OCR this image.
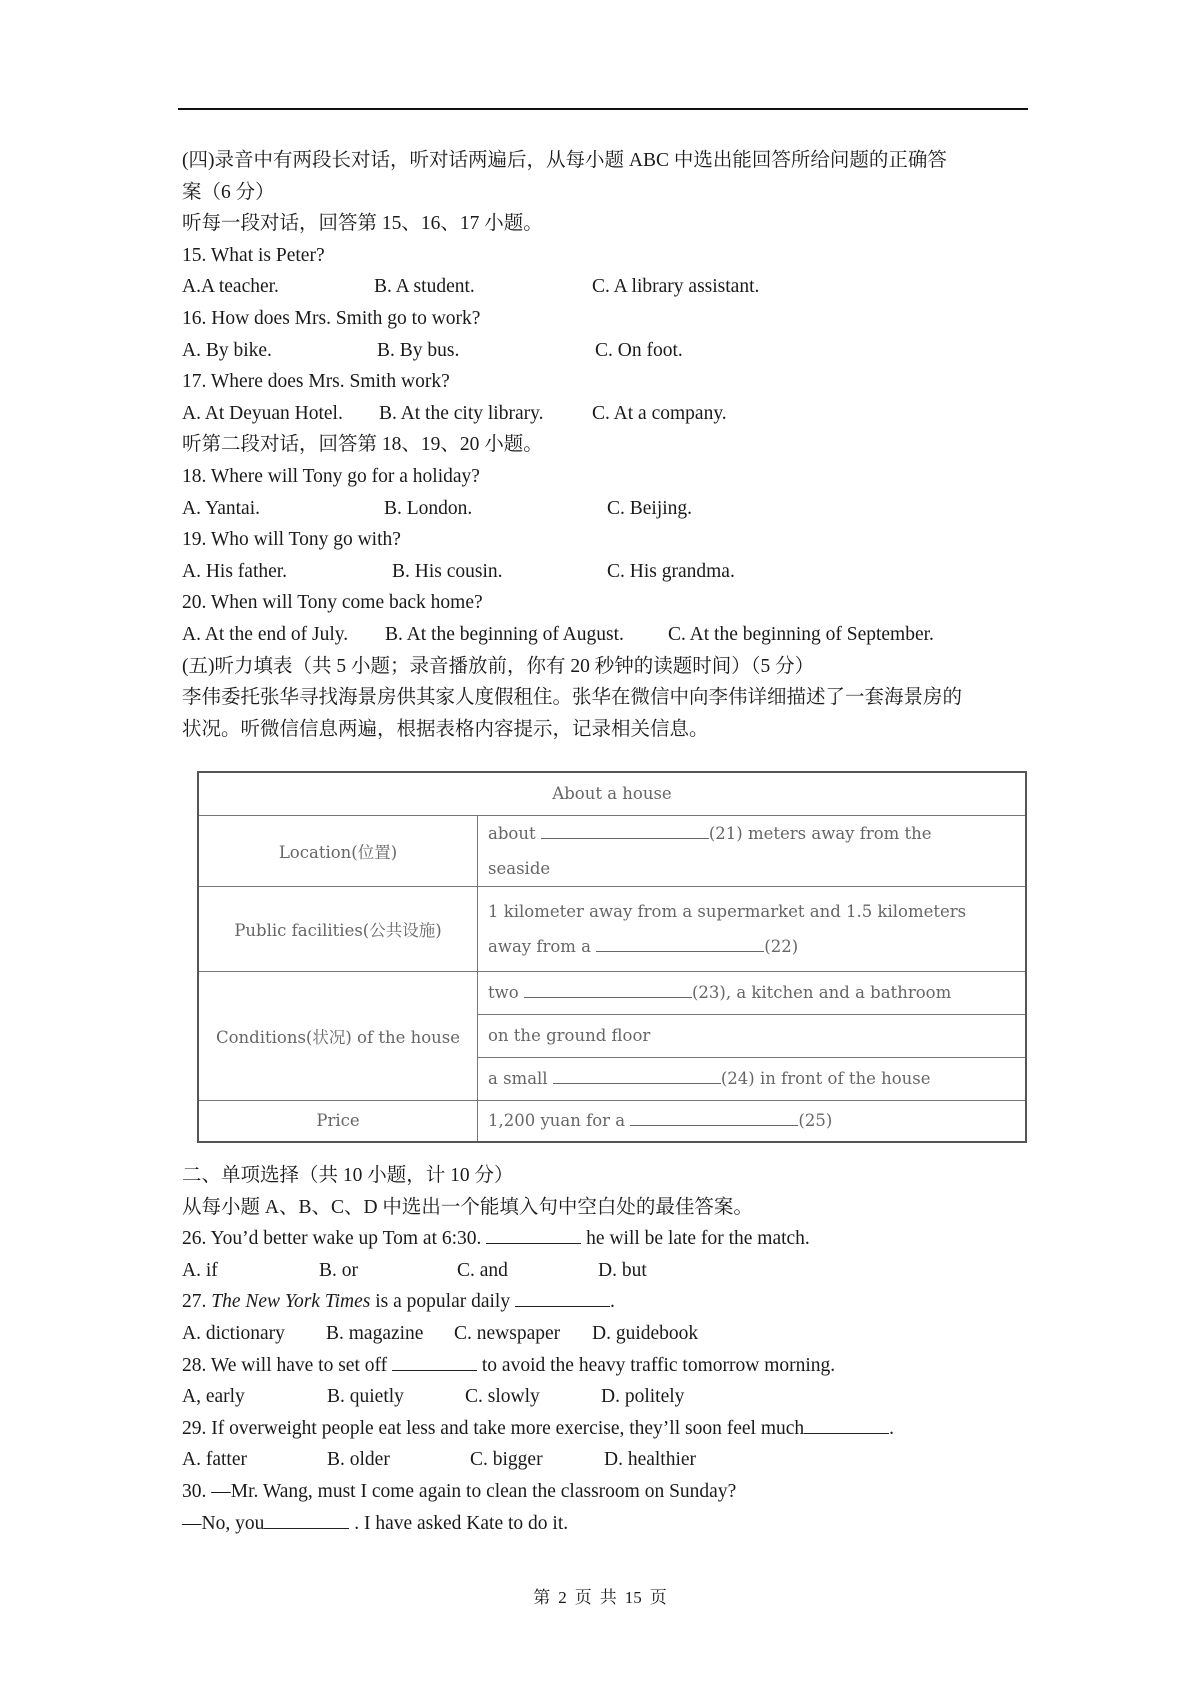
(四)录音中有两段长对话，听对话两遍后，从每小题 ABC 中选出能回答所给问题的正确答
案（6 分）
听每一段对话，回答第 15、16、17 小题。
15. What is Peter?
A.A teacher.	B. A student.	C. A library assistant.
16. How does Mrs. Smith go to work?
A. By bike.	B. By bus.	C. On foot.
17. Where does Mrs. Smith work?
A. At Deyuan Hotel.	B. At the city library.	C. At a company.
听第二段对话，回答第 18、19、20 小题。
18. Where will Tony go for a holiday?
A. Yantai.	B. London.	C. Beijing.
19. Who will Tony go with?
A. His father.	B. His cousin.	C. His grandma.
20. When will Tony come back home?
A. At the end of July.	B. At the beginning of August.	C. At the beginning of September.
(五)听力填表（共 5 小题；录音播放前，你有 20 秒钟的读题时间）（5 分）
李伟委托张华寻找海景房供其家人度假租住。张华在微信中向李伟详细描述了一套海景房的
状况。听微信信息两遍，根据表格内容提示，记录相关信息。
About a house	
Location(位置)	about (21) meters away from the
seaside

Public facilities(公共设施)	1 kilometer away from a supermarket and 1.5 kilometers
away from a (22)

Conditions(状况) of the house	two (23), a kitchen and a bathroom
	on the ground floor
	a small (24) in front of the house
Price	1,200 yuan for a (25)
二、单项选择（共 10 小题，计 10 分）
从每小题 A、B、C、D 中选出一个能填入句中空白处的最佳答案。
26. You’d better wake up Tom at 6:30.	he will be late for the match.
A. if	B. or	C. and	D. but
27. The New York Times is a popular daily	.
A. dictionary	B. magazine	C. newspaper	D. guidebook
28. We will have to set off	to avoid the heavy traffic tomorrow morning.
A, early	B. quietly	C. slowly	D. politely
29. If overweight people eat less and take more exercise, they’ll soon feel much	.
A. fatter	B. older	C. bigger	D. healthier
30. —Mr. Wang, must I come again to clean the classroom on Sunday?
—No, you	. I have asked Kate to do it.
第 2 页 共 15 页
